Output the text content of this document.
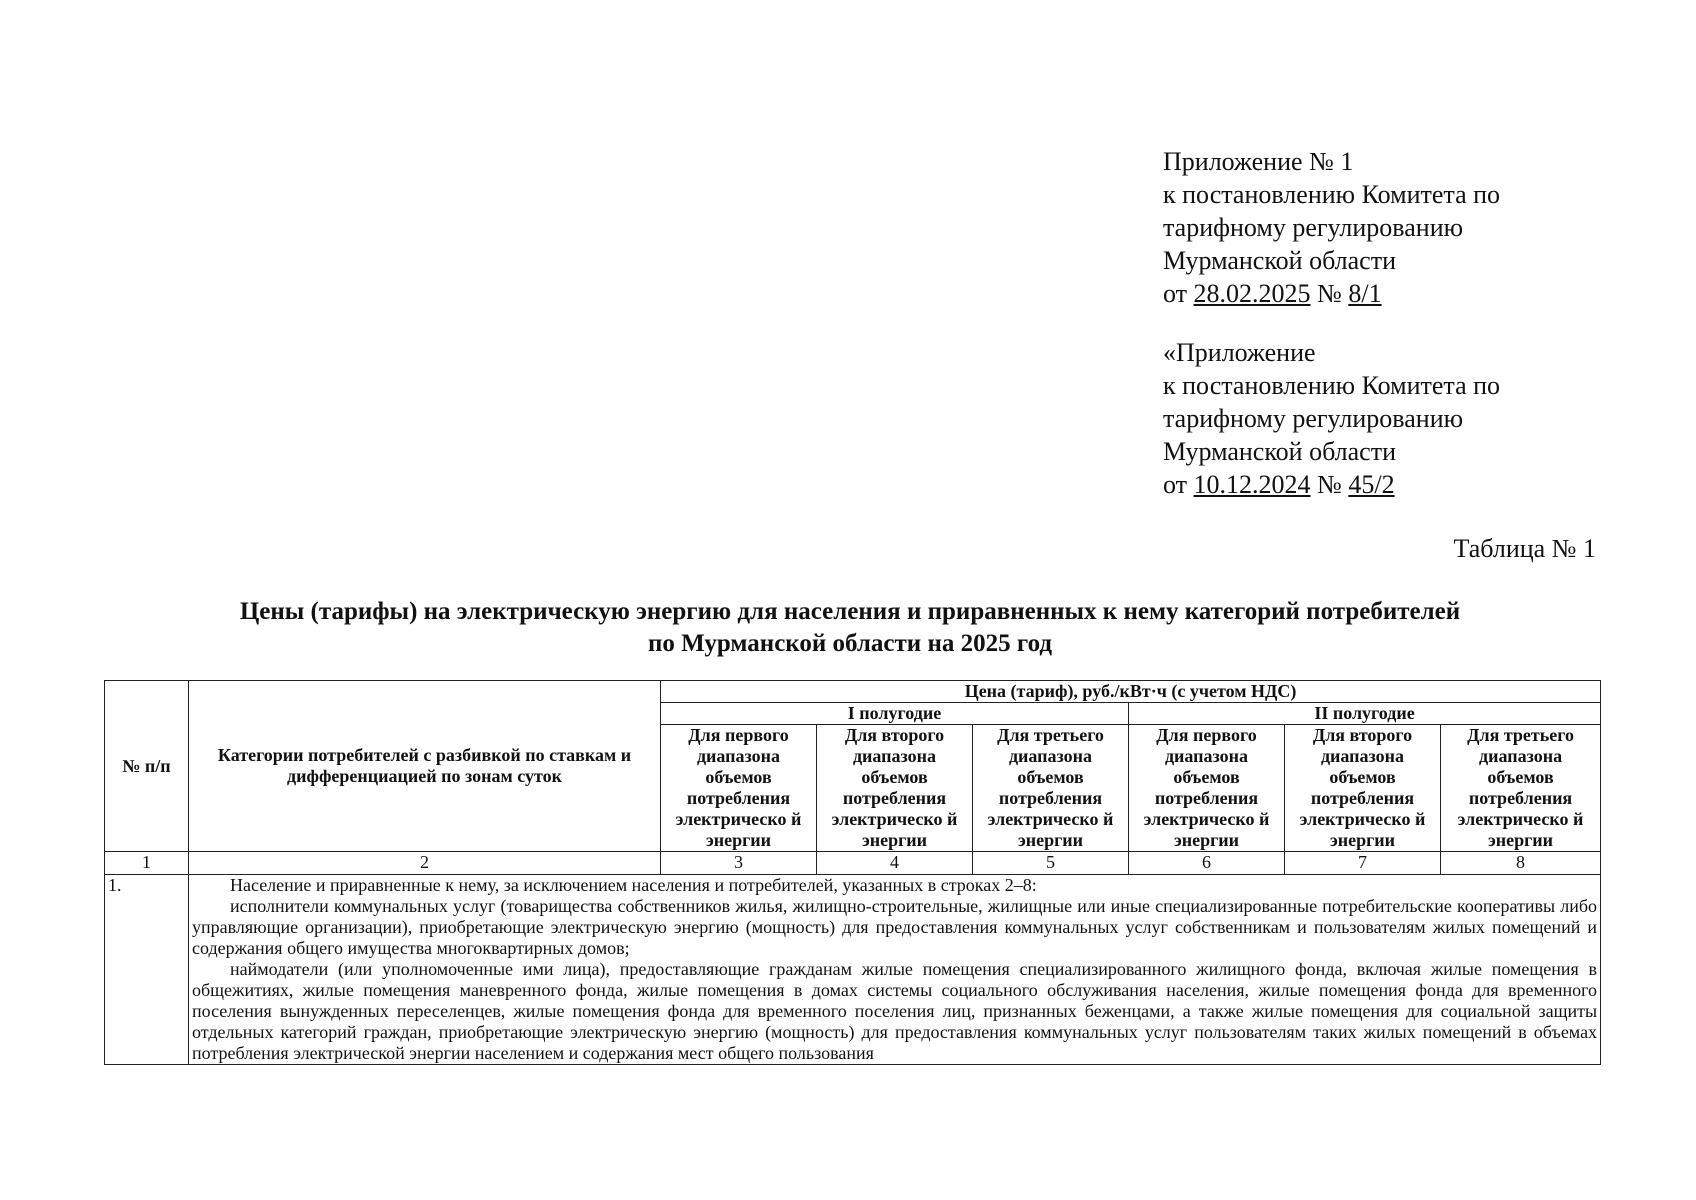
Приложение № 1
к постановлению Комитета по
тарифному регулированию
Мурманской области
от 28.02.2025 № 8/1
«Приложение
к постановлению Комитета по
тарифному регулированию
Мурманской области
от 10.12.2024 № 45/2
Таблица № 1
Цены (тарифы) на электрическую энергию для населения и приравненных к нему категорий потребителей
по Мурманской области на 2025 год
№ п/п	Категории потребителей с разбивкой по ставкам и дифференциацией по зонам суток	Цена (тариф), руб./кВт·ч (с учетом НДС)					
		I полугодие			II полугодие		
		Для первого диапазона объемов потребления электрическо й энергии	Для второго диапазона объемов потребления электрическо й энергии	Для третьего диапазона объемов потребления электрическо й энергии	Для первого диапазона объемов потребления электрическо й энергии	Для второго диапазона объемов потребления электрическо й энергии	Для третьего диапазона объемов потребления электрическо й энергии
1	2	3	4	5	6	7	8
1.	Население и приравненные к нему, за исключением населения и потребителей, указанных в строках 2–8:

исполнители коммунальных услуг (товарищества собственников жилья, жилищно-строительные, жилищные или иные специализированные потребительские кооперативы либо управляющие организации), приобретающие электрическую энергию (мощность) для предоставления коммунальных услуг собственникам и пользователям жилых помещений и содержания общего имущества многоквартирных домов;

наймодатели (или уполномоченные ими лица), предоставляющие гражданам жилые помещения специализированного жилищного фонда, включая жилые помещения в общежитиях, жилые помещения маневренного фонда, жилые помещения в домах системы социального обслуживания населения, жилые помещения фонда для временного поселения вынужденных переселенцев, жилые помещения фонда для временного поселения лиц, признанных беженцами, а также жилые помещения для социальной защиты отдельных категорий граждан, приобретающие электрическую энергию (мощность) для предоставления коммунальных услуг пользователям таких жилых помещений в объемах потребления электрической энергии населением и содержания мест общего пользования						
